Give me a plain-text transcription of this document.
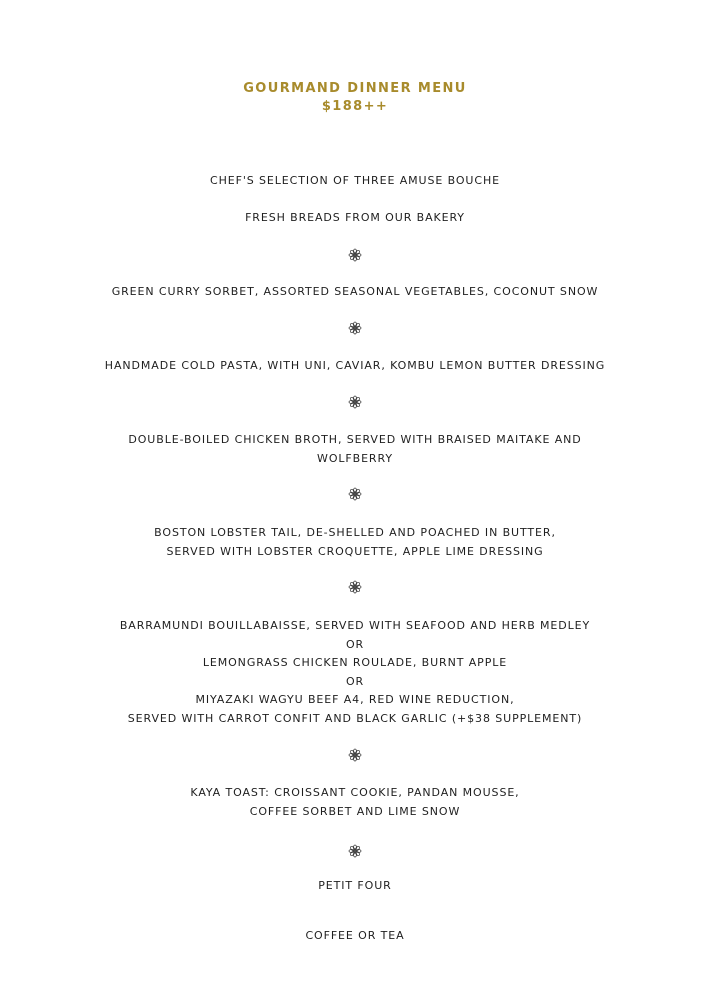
GOURMAND DINNER MENU
$188++
CHEF'S SELECTION OF THREE AMUSE BOUCHE
FRESH BREADS FROM OUR BAKERY
GREEN CURRY SORBET, ASSORTED SEASONAL VEGETABLES, COCONUT SNOW
HANDMADE COLD PASTA, WITH UNI, CAVIAR, KOMBU LEMON BUTTER DRESSING
DOUBLE-BOILED CHICKEN BROTH, SERVED WITH BRAISED MAITAKE AND
WOLFBERRY
BOSTON LOBSTER TAIL, DE-SHELLED AND POACHED IN BUTTER,
SERVED WITH LOBSTER CROQUETTE, APPLE LIME DRESSING
BARRAMUNDI BOUILLABAISSE, SERVED WITH SEAFOOD AND HERB MEDLEY
OR
LEMONGRASS CHICKEN ROULADE, BURNT APPLE
OR
MIYAZAKI WAGYU BEEF A4, RED WINE REDUCTION,
SERVED WITH CARROT CONFIT AND BLACK GARLIC (+$38 SUPPLEMENT)
KAYA TOAST: CROISSANT COOKIE, PANDAN MOUSSE,
COFFEE SORBET AND LIME SNOW
PETIT FOUR
COFFEE OR TEA
